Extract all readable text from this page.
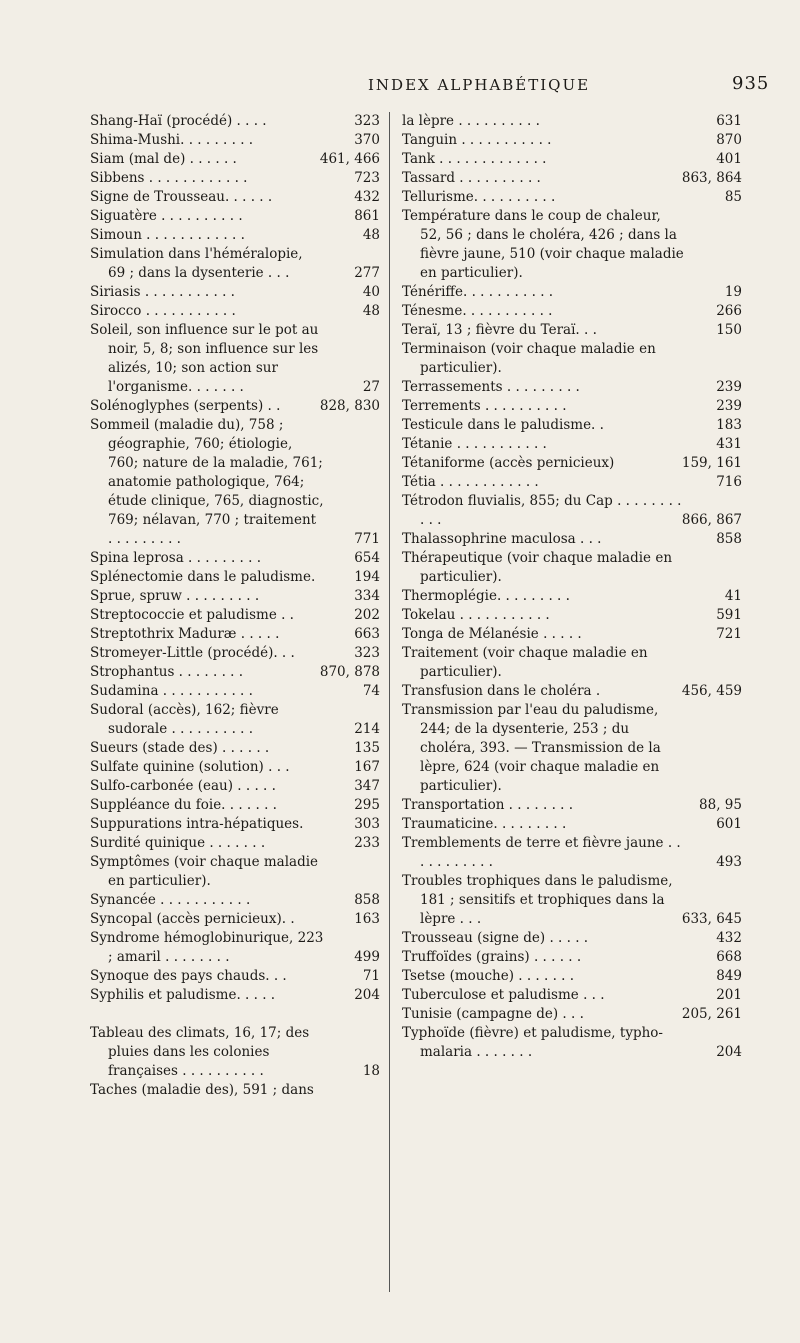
INDEX ALPHABÉTIQUE	935
Shang-Haï (procédé) . . . .	323
Shima-Mushi. . . . . . . . .	370
Siam (mal de) . . . . . .	461, 466
Sibbens . . . . . . . . . . . .	723
Signe de Trousseau. . . . . .	432
Siguatère . . . . . . . . . .	861
Simoun . . . . . . . . . . . .	48
Simulation dans l'héméralopie, 69 ; dans la dysenterie . . .	277
Siriasis . . . . . . . . . . .	40
Sirocco . . . . . . . . . . .	48
Soleil, son influence sur le pot au noir, 5, 8; son influence sur les alizés, 10; son action sur l'organisme. . . . . . .	27
Solénoglyphes (serpents) . .	828, 830
Sommeil (maladie du), 758 ; géographie, 760; étiologie, 760; nature de la maladie, 761; anatomie pathologique, 764; étude clinique, 765, diagnostic, 769; nélavan, 770 ; traitement . . . . . . . . .	771
Spina leprosa . . . . . . . . .	654
Splénectomie dans le paludisme.	194
Sprue, spruw . . . . . . . . .	334
Streptococcie et paludisme . .	202
Streptothrix Maduræ . . . . .	663
Stromeyer-Little (procédé). . .	323
Strophantus . . . . . . . .	870, 878
Sudamina . . . . . . . . . . .	74
Sudoral (accès), 162; fièvre sudorale . . . . . . . . . .	214
Sueurs (stade des) . . . . . .	135
Sulfate quinine (solution) . . .	167
Sulfo-carbonée (eau) . . . . .	347
Suppléance du foie. . . . . . .	295
Suppurations intra-hépatiques.	303
Surdité quinique . . . . . . .	233
Symptômes (voir chaque maladie en particulier).
Synancée . . . . . . . . . . .	858
Syncopal (accès pernicieux). .	163
Syndrome hémoglobinurique, 223 ; amaril . . . . . . . .	499
Synoque des pays chauds. . .	71
Syphilis et paludisme. . . . .	204
Tableau des climats, 16, 17; des pluies dans les colonies françaises . . . . . . . . . .	18
Taches (maladie des), 591 ; dans
la lèpre . . . . . . . . . .	631
Tanguin . . . . . . . . . . .	870
Tank . . . . . . . . . . . . .	401
Tassard . . . . . . . . . .	863, 864
Tellurisme. . . . . . . . . .	85
Température dans le coup de chaleur, 52, 56 ; dans le choléra, 426 ; dans la fièvre jaune, 510 (voir chaque maladie en particulier).
Ténériffe. . . . . . . . . . .	19
Ténesme. . . . . . . . . . .	266
Teraï, 13 ; fièvre du Teraï. . .	150
Terminaison (voir chaque maladie en particulier).
Terrassements . . . . . . . . .	239
Terrements . . . . . . . . . .	239
Testicule dans le paludisme. .	183
Tétanie . . . . . . . . . . .	431
Tétaniforme (accès pernicieux)	159, 161
Tétia . . . . . . . . . . . .	716
Tétrodon fluvialis, 855; du Cap . . . . . . . . . . .	866, 867
Thalassophrine maculosa . . .	858
Thérapeutique (voir chaque maladie en particulier).
Thermoplégie. . . . . . . . .	41
Tokelau . . . . . . . . . . .	591
Tonga de Mélanésie . . . . .	721
Traitement (voir chaque maladie en particulier).
Transfusion dans le choléra .	456, 459
Transmission par l'eau du paludisme, 244; de la dysenterie, 253 ; du choléra, 393. — Transmission de la lèpre, 624 (voir chaque maladie en particulier).
Transportation . . . . . . . .	88, 95
Traumaticine. . . . . . . . .	601
Tremblements de terre et fièvre jaune . . . . . . . . . . .	493
Troubles trophiques dans le paludisme, 181 ; sensitifs et trophiques dans la lèpre . . .	633, 645
Trousseau (signe de) . . . . .	432
Truffoïdes (grains) . . . . . .	668
Tsetse (mouche) . . . . . . .	849
Tuberculose et paludisme . . .	201
Tunisie (campagne de) . . .	205, 261
Typhoïde (fièvre) et paludisme, typho-malaria . . . . . . .	204
